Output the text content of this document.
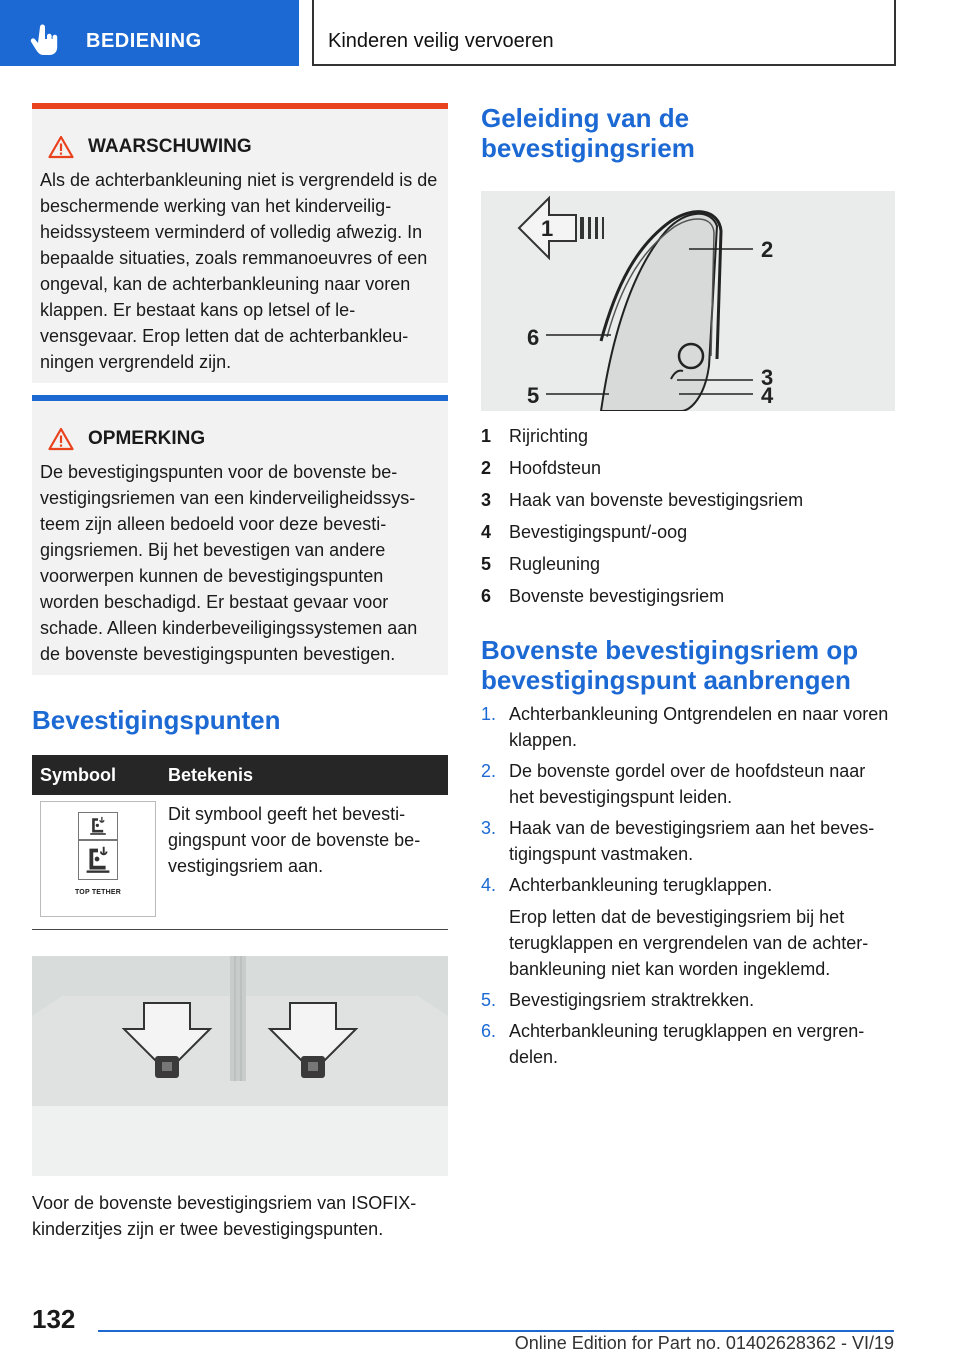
BEDIENING	Kinderen veilig vervoeren
WAARSCHUWING

Als de achterbankleuning niet is vergrendeld is de beschermende werking van het kinderveiligheidssysteem verminderd of volledig afwezig. In bepaalde situaties, zoals remmanoeuvres of een ongeval, kan de achterbankleuning naar voren klappen. Er bestaat kans op letsel of levensgevaar. Erop letten dat de achterbankleuningen vergrendeld zijn.

OPMERKING

De bevestigingspunten voor de bovenste bevestigingsriemen van een kinderveiligheidssysteem zijn alleen bedoeld voor deze bevestigingsriemen. Bij het bevestigen van andere voorwerpen kunnen de bevestigingspunten worden beschadigd. Er bestaat gevaar voor schade. Alleen kinderbeveiligingssystemen aan de bovenste bevestigingspunten bevestigen.

Bevestigingspunten
Symbool	Betekenis

TOP TETHER	Dit symbool geeft het bevestigingspunt voor de bovenste bevestigingsriem aan.

Voor de bovenste bevestigingsriem van ISOFIX-kinderzitjes zijn er twee bevestigingspunten.

Geleiding van de bevestigingsriem
1
2
6
3
4
5
1 Rijrichting
2 Hoofdsteun
3 Haak van bovenste bevestigingsriem
4 Bevestigingspunt/-oog
5 Rugleuning
6 Bovenste bevestigingsriem
Bovenste bevestigingsriem op bevestigingspunt aanbrengen
1. Achterbankleuning Ontgrendelen en naar voren klappen.
2. De bovenste gordel over de hoofdsteun naar het bevestigingspunt leiden.
3. Haak van de bevestigingsriem aan het bevestigingspunt vastmaken.
4. Achterbankleuning terugklappen.
Erop letten dat de bevestigingsriem bij het terugklappen en vergrendelen van de achterbankleuning niet kan worden ingeklemd.
5. Bevestigingsriem straktrekken.
6. Achterbankleuning terugklappen en vergrendelen.
132
Online Edition for Part no. 01402628362 - VI/19
